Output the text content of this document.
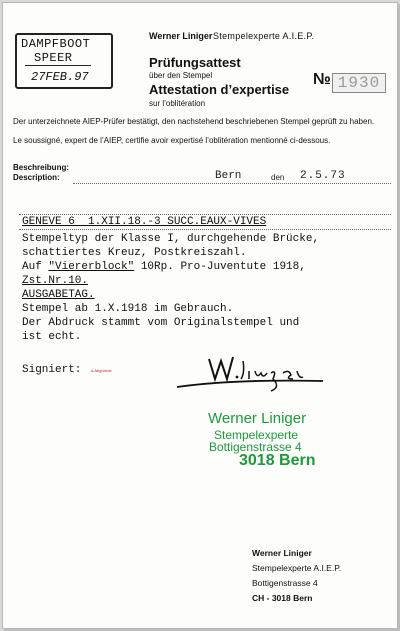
DAMPFBOOT
SPEER
27FEB.97
Werner Liniger Stempelexperte A.I.E.P.
Prüfungsattest
über den Stempel
Attestation d’expertise
sur l’oblitération
№ 1930
Der unterzeichnete AIEP-Prüfer bestätigt, den nachstehend beschriebenen Stempel geprüft zu haben.
Le soussigné, expert de l’AIEP, certifie avoir expertisé l’oblitération mentionné ci-dessous.
Beschreibung:
Description:	Bern	den 2.5.73
GENEVE 6  1.XII.18.-3 SUCC.EAUX-VIVES
Stempeltyp der Klasse I, durchgehende Brücke,
schattiertes Kreuz, Postkreiszahl.
Auf "Viererblock" 10Rp. Pro-Juventute 1918,
Zst.Nr.10.
AUSGABETAG.
Stempel ab 1.X.1918 im Gebrauch.
Der Abdruck stammt vom Originalstempel und
ist echt.
Signiert: a.Abgründe
Werner Liniger
Stempelexperte
Bottigenstrasse 4
3018 Bern
Werner Liniger
Stempelexperte A.I.E.P.
Bottigenstrasse 4
CH - 3018 Bern
